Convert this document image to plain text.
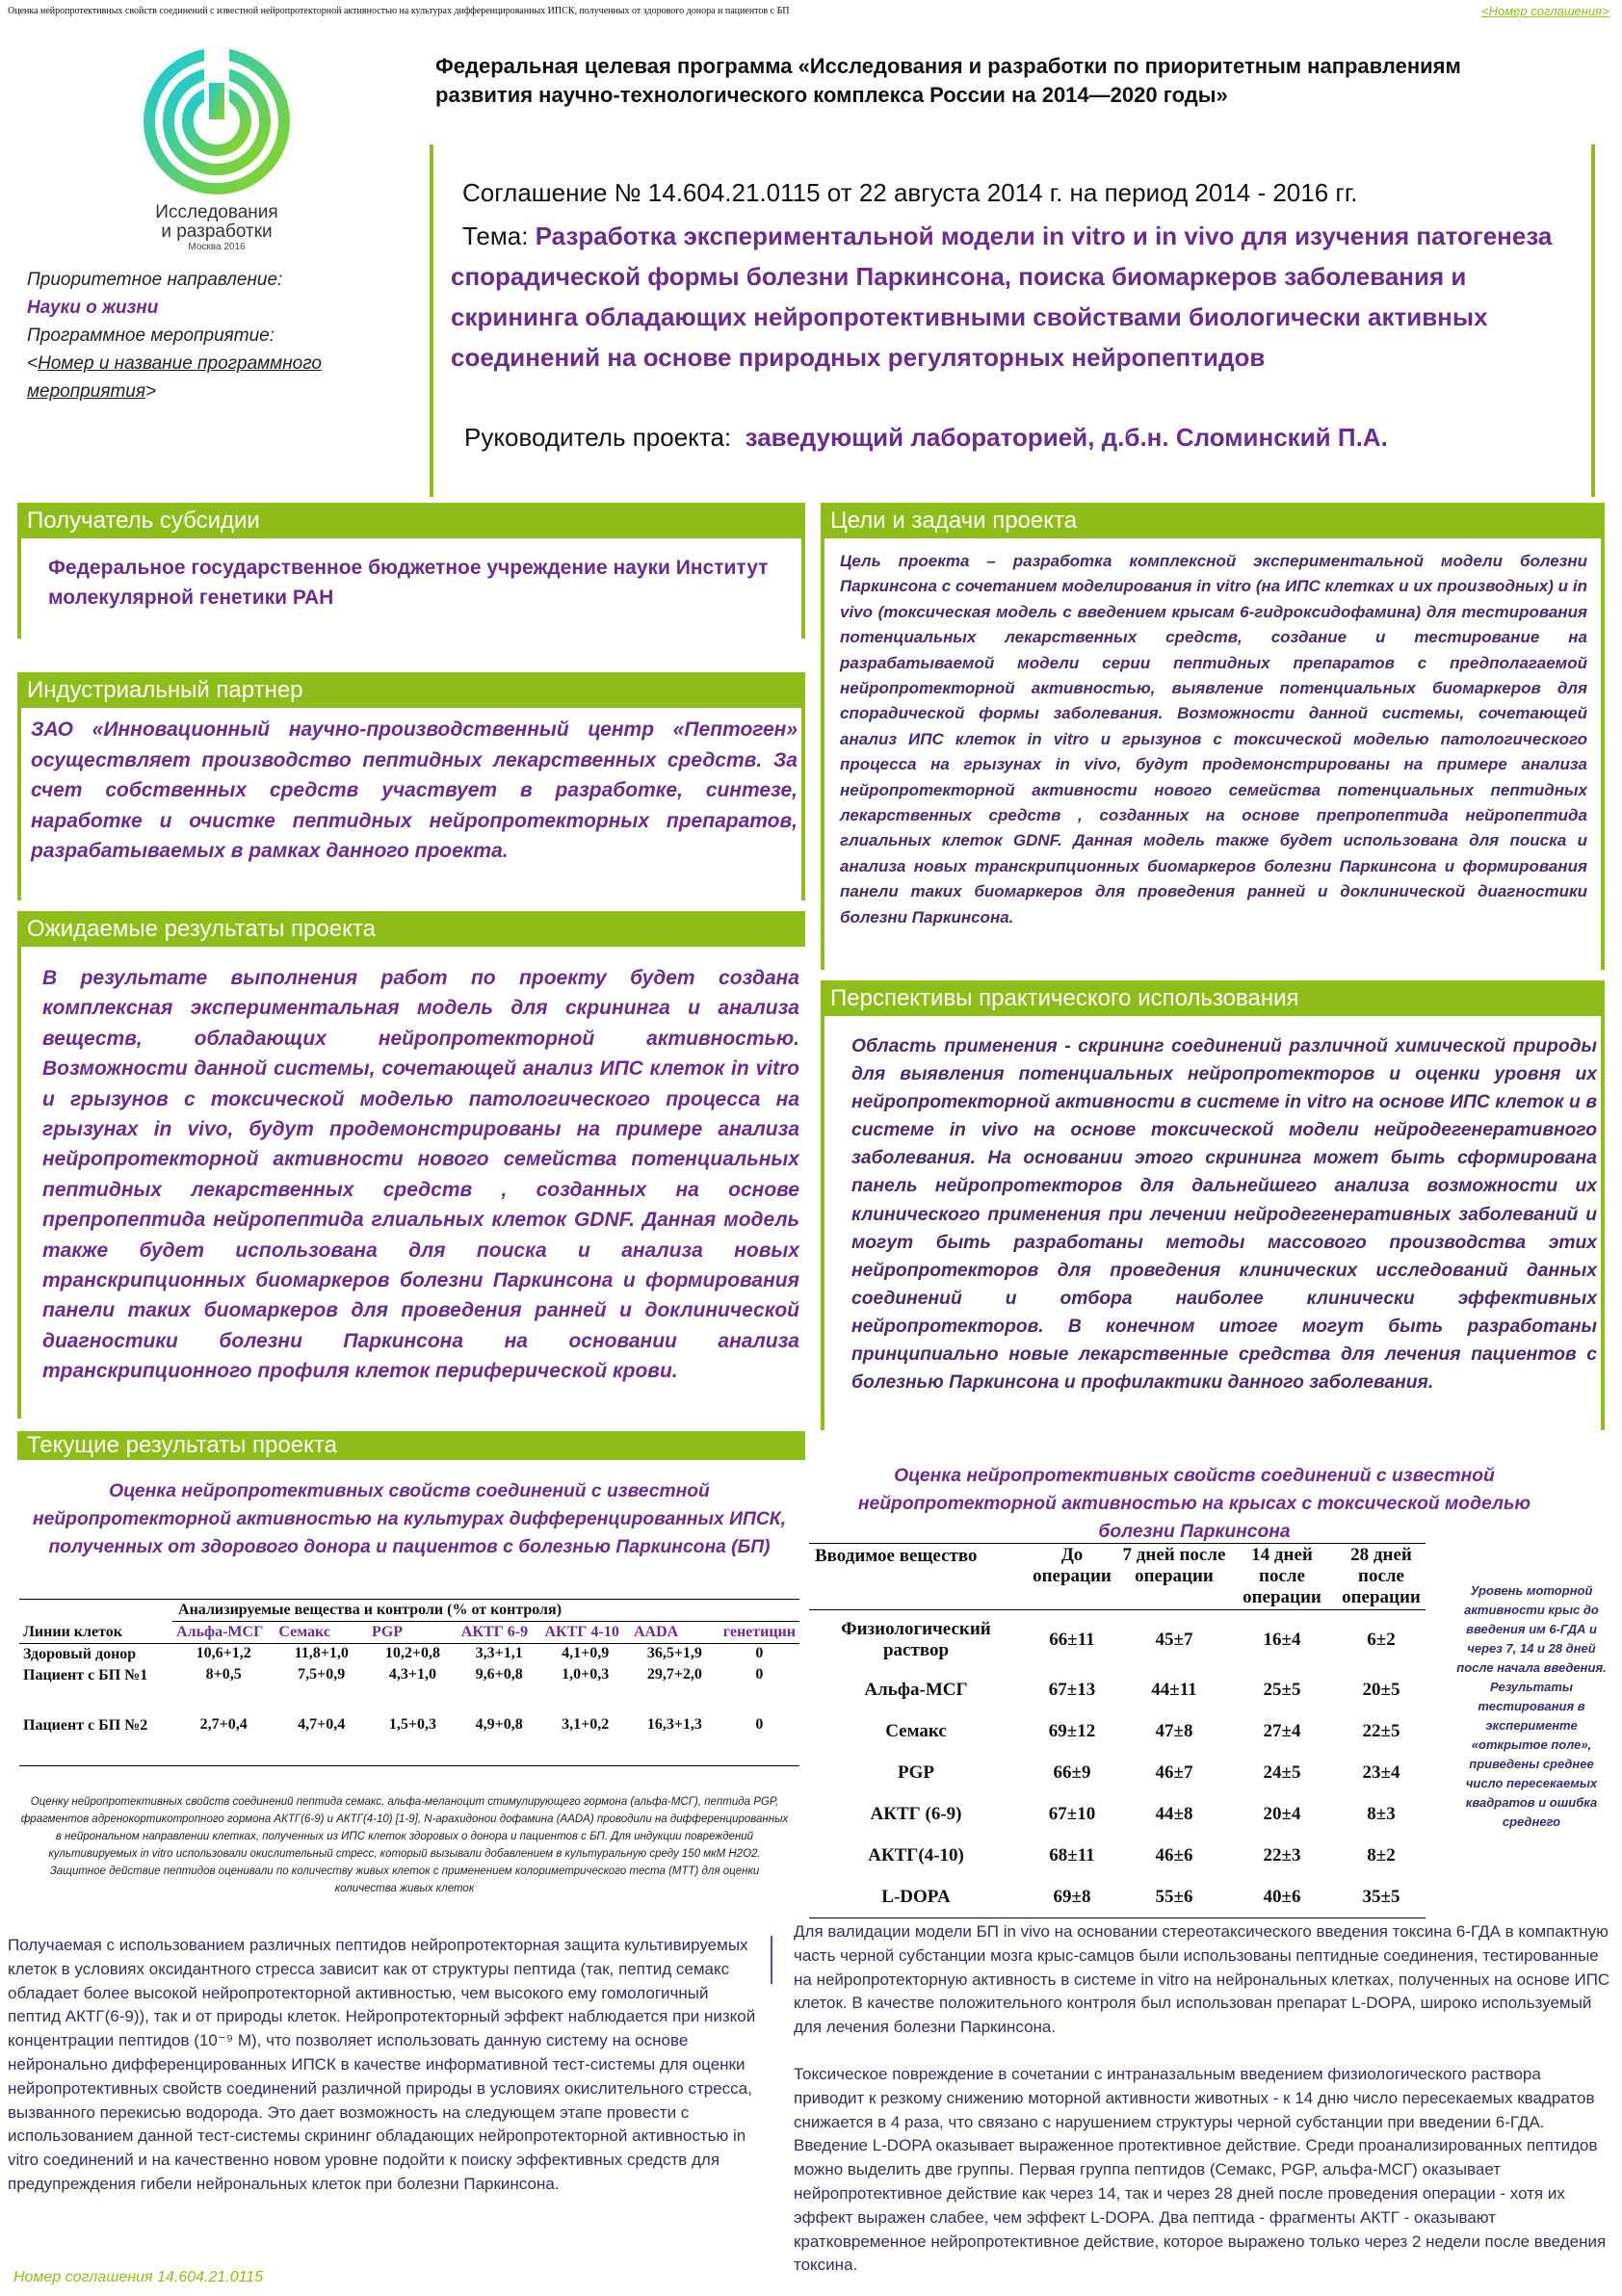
Оценка нейропротективных свойств соединений с известной нейропротекторной активностью на культурах дифференцированных ИПСК, полученных от здорового донора и пациентов с БП	<Номер соглашения>
Исследования
и разработки
Москва 2016
Федеральная целевая программа «Исследования и разработки по приоритетным направлениям развития научно-технологического комплекса России на 2014—2020 годы»
Приоритетное направление:
Науки о жизни
Программное мероприятие:
<Номер и название программного мероприятия>
Соглашение № 14.604.21.0115 от 22 августа 2014 г. на период 2014 - 2016 гг.
Тема: Разработка экспериментальной модели in vitro и in vivo для изучения патогенеза спорадической формы болезни Паркинсона, поиска биомаркеров заболевания и скрининга обладающих нейропротективными свойствами биологически активных соединений на основе природных регуляторных нейропептидов
Руководитель проекта: заведующий лабораторией, д.б.н. Сломинский П.А.
Получатель субсидии	Цели и задачи проекта
Индустриальный партнер
Ожидаемые результаты проекта
Перспективы практического использования
Текущие результаты проекта
Федеральное государственное бюджетное учреждение науки Институт молекулярной генетики РАН
ЗАО «Инновационный научно-производственный центр «Пептоген» осуществляет производство пептидных лекарственных средств. За счет собственных средств участвует в разработке, синтезе, наработке и очистке пептидных нейропротекторных препаратов, разрабатываемых в рамках данного проекта.
В результате выполнения работ по проекту будет создана комплексная экспериментальная модель для скрининга и анализа веществ, обладающих нейропротекторной активностью. Возможности данной системы, сочетающей анализ ИПС клеток in vitro и грызунов с токсической моделью патологического процесса на грызунах in vivo, будут продемонстрированы на примере анализа нейропротекторной активности нового семейства потенциальных пептидных лекарственных средств , созданных на основе препропептида нейропептида глиальных клеток GDNF. Данная модель также будет использована для поиска и анализа новых транскрипционных биомаркеров болезни Паркинсона и формирования панели таких биомаркеров для проведения ранней и доклинической диагностики болезни Паркинсона на основании анализа транскрипционного профиля клеток периферической крови.
Цель проекта – разработка комплексной экспериментальной модели болезни Паркинсона с сочетанием моделирования in vitro (на ИПС клетках и их производных) и in vivo (токсическая модель с введением крысам 6-гидроксидофамина) для тестирования потенциальных лекарственных средств, создание и тестирование на разрабатываемой модели серии пептидных препаратов с предполагаемой нейропротекторной активностью, выявление потенциальных биомаркеров для спорадической формы заболевания. Возможности данной системы, сочетающей анализ ИПС клеток in vitro и грызунов с токсической моделью патологического процесса на грызунах in vivo, будут продемонстрированы на примере анализа нейропротекторной активности нового семейства потенциальных пептидных лекарственных средств , созданных на основе препропептида нейропептида глиальных клеток GDNF. Данная модель также будет использована для поиска и анализа новых транскрипционных биомаркеров болезни Паркинсона и формирования панели таких биомаркеров для проведения ранней и доклинической диагностики болезни Паркинсона.
Область применения - скрининг соединений различной химической природы для выявления потенциальных нейропротекторов и оценки уровня их нейропротекторной активности в системе in vitro на основе ИПС клеток и в системе in vivo на основе токсической модели нейродегенеративного заболевания. На основании этого скрининга может быть сформирована панель нейропротекторов для дальнейшего анализа возможности их клинического применения при лечении нейродегенеративных заболеваний и могут быть разработаны методы массового производства этих нейропротекторов для проведения клинических исследований данных соединений и отбора наиболее клинически эффективных нейропротекторов. В конечном итоге могут быть разработаны принципиально новые лекарственные средства для лечения пациентов с болезнью Паркинсона и профилактики данного заболевания.
Оценка нейропротективных свойств соединений с известной нейропротекторной активностью на культурах дифференцированных ИПСК, полученных от здорового донора и пациентов с болезнью Паркинсона (БП)
	Анализируемые вещества и контроли (% от контроля)						
Линии клеток	Альфа-МСГ	Семакс	PGP	АКТГ 6-9	АКТГ 4-10	AADA	генетицин
Здоровый донор	10,6+1,2	11,8+1,0	10,2+0,8	3,3+1,1	4,1+0,9	36,5+1,9	0
Пациент с БП №1	8+0,5	7,5+0,9	4,3+1,0	9,6+0,8	1,0+0,3	29,7+2,0	0
Пациент с БП №2	2,7+0,4	4,7+0,4	1,5+0,3	4,9+0,8	3,1+0,2	16,3+1,3	0
Оценку нейропротективных свойств соединений пептида семакс, альфа-меланоцит стимулирующего гормона (альфа-МСГ), пептида PGP, фрагментов адренокортикотропного гормона АКТГ(6-9) и АКТГ(4-10) [1-9], N-арахидонои дофамина (AADA) проводили на дифференцированных в нейрональном направлении клетках, полученных из ИПС клеток здоровых о донора и пациентов с БП. Для индукции повреждений культивируемых in vitro использовали окислительный стресс, который вызывали добавлением в культуральную среду 150 мкМ H2O2. Защитное действие пептидов оценивали по количеству живых клеток с применением колориметрического теста (МТТ) для оценки количества живых клеток
Оценка нейропротективных свойств соединений с известной нейропротекторной активностью на крысах с токсической моделью болезни Паркинсона
Вводимое вещество	До операции	7 дней после операции	14 дней после операции	28 дней после операции
Физиологический раствор	66±11	45±7	16±4	6±2
Альфа-МСГ	67±13	44±11	25±5	20±5
Семакс	69±12	47±8	27±4	22±5
PGP	66±9	46±7	24±5	23±4
АКТГ (6-9)	67±10	44±8	20±4	8±3
АКТГ(4-10)	68±11	46±6	22±3	8±2
L-DOPA	69±8	55±6	40±6	35±5
Уровень моторной активности крыс до введения им 6-ГДА и через 7, 14 и 28 дней после начала введения. Результаты тестирования в эксперименте «открытое поле», приведены среднее число пересекаемых квадратов и ошибка среднего
Получаемая с использованием различных пептидов нейропротекторная защита культивируемых клеток в условиях оксидантного стресса зависит как от структуры пептида (так, пептид семакс обладает более высокой нейропротекторной активностью, чем высокого ему гомологичный пептид АКТГ(6-9)), так и от природы клеток. Нейропротекторный эффект наблюдается при низкой концентрации пептидов (10⁻⁹ М), что позволяет использовать данную систему на основе нейронально дифференцированных ИПСК в качестве информативной тест-системы для оценки нейропротективных свойств соединений различной природы в условиях окислительного стресса, вызванного перекисью водорода. Это дает возможность на следующем этапе провести с использованием данной тест-системы скрининг обладающих нейропротекторной активностью in vitro соединений и на качественно новом уровне подойти к поиску эффективных средств для предупреждения гибели нейрональных клеток при болезни Паркинсона.
Для валидации модели БП in vivo на основании стереотаксического введения токсина 6-ГДА в компактную часть черной субстанции мозга крыс-самцов были использованы пептидные соединения, тестированные на нейропротекторную активность в системе in vitro на нейрональных клетках, полученных на основе ИПС клеток. В качестве положительного контроля был использован препарат L-DOPA, широко используемый для лечения болезни Паркинсона.
Токсическое повреждение в сочетании с интраназальным введением физиологического раствора приводит к резкому снижению моторной активности животных - к 14 дню число пересекаемых квадратов снижается в 4 раза, что связано с нарушением структуры черной субстанции при введении 6-ГДА. Введение L-DOPA оказывает выраженное протективное действие. Среди проанализированных пептидов можно выделить две группы. Первая группа пептидов (Семакс, PGP, альфа-МСГ) оказывает нейропротективное действие как через 14, так и через 28 дней после проведения операции - хотя их эффект выражен слабее, чем эффект L-DOPA. Два пептида - фрагменты АКТГ - оказывают кратковременное нейропротективное действие, которое выражено только через 2 недели после введения токсина.
Номер соглашения 14.604.21.0115
